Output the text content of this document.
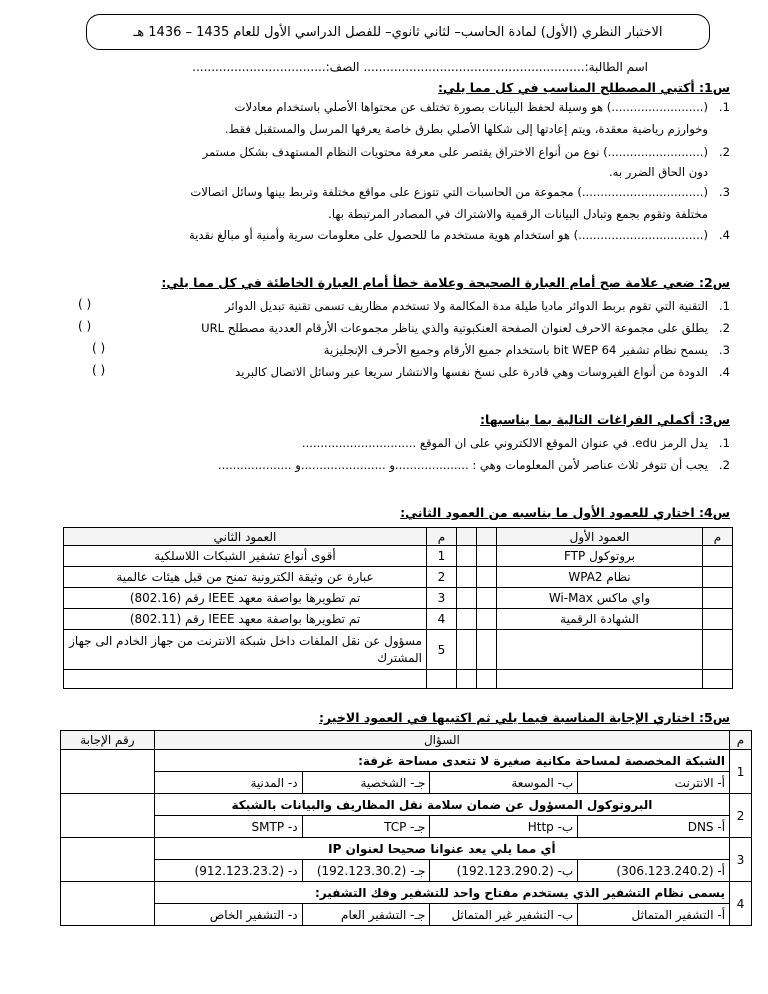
الاختبار النظري (الأول) لمادة الحاسب– لثاني ثانوي– للفصل الدراسي الأول للعام 1435 – 1436 هـ
اسم الطالبة:.......................................................... الصف:...................................
س1: أكتبي المصطلح المناسب في كل مما يلي:
1.(.........................) هو وسيلة لحفظ البيانات بصورة تختلف عن محتواها الأصلي باستخدام معادلات
وخوارزم رياضية معقدة، ويتم إعادتها إلى شكلها الأصلي بطرق خاصة يعرفها المرسل والمستقبل فقط.
2.(..........................) نوع من أنواع الاختراق يقتصر على معرفة محتويات النظام المستهدف بشكل مستمر
دون الحاق الضرر به.
3.(.................................) مجموعة من الحاسبات التي تتوزع على مواقع مختلفة وتربط بينها وسائل اتصالات
مختلفة وتقوم بجمع وتبادل البيانات الرقمية والاشتراك في المصادر المرتبطة بها.
4.(..................................) هو استخدام هوية مستخدم ما للحصول على معلومات سرية وأمنية أو مبالغ نقدية
س2: ضعي علامة صح أمام العبارة الصحيحة وعلامة خطأ أمام العبارة الخاطئة في كل مما يلي:
1.التقنية التي تقوم بربط الدوائر ماديا طيلة مدة المكالمة ولا تستخدم مظاريف تسمى تقنية تبديل الدوائر
( )
2.يطلق على مجموعة الاحرف لعنوان الصفحة العنكبوتية والذي يناظر مجموعات الأرقام العددية مصطلح URL
( )
3.يسمح نظام تشفير 64 bit WEP باستخدام جميع الأرقام وجميع الأحرف الإنجليزية
( )
4.الدودة من أنواع الفيروسات وهي قادرة على نسخ نفسها والانتشار سريعا عبر وسائل الاتصال كالبريد
( )
س3: أكملي الفراغات التالية بما يناسبها:
1.يدل الرمز edu. في عنوان الموقع الالكتروني على ان الموقع ...............................
2.يجب أن تتوفر ثلاث عناصر لأمن المعلومات وهي : ....................و .......................و ....................
س4: اختاري للعمود الأول ما يناسبه من العمود الثاني:
م	العمود الأول			م	العمود الثاني
	بروتوكول FTP			1	أقوى أنواع تشفير الشبكات اللاسلكية
	نظام WPA2			2	عبارة عن وثيقة الكترونية تمنح من قبل هيئات عالمية
	واي ماكس Wi-Max			3	تم تطويرها بواصفة معهد IEEE رقم (802.16)
	الشهادة الرقمية			4	تم تطويرها بواصفة معهد IEEE رقم (802.11)
				5	مسؤول عن نقل الملفات داخل شبكة الانترنت من جهاز الخادم الى جهاز المشترك

س5: اختاري الإجابة المناسبة فيما يلي ثم اكتبيها في العمود الاخير:
م	السؤال				رقم الإجابة
1	الشبكة المخصصة لمساحة مكانية صغيرة لا تتعدى مساحة غرفة:				
	أ- الانترنت	ب- الموسعة	جـ- الشخصية	د- المدنية	
2	البروتوكول المسؤول عن ضمان سلامة نقل المظاريف والبيانات بالشبكة				
	أ- DNS	ب- Http	جـ- TCP	د- SMTP	
3	أي مما يلي يعد عنوانا صحيحا لعنوان IP				
	أ- (306.123.240.2)	ب- (192.123.290.2)	جـ- (192.123.30.2)	د- (912.123.23.2)	
4	يسمى نظام التشفير الذي يستخدم مفتاح واحد للتشفير وفك التشفير:				
	أ- التشفير المتماثل	ب- التشفير غير المتماثل	جـ- التشفير العام	د- التشفير الخاص	
